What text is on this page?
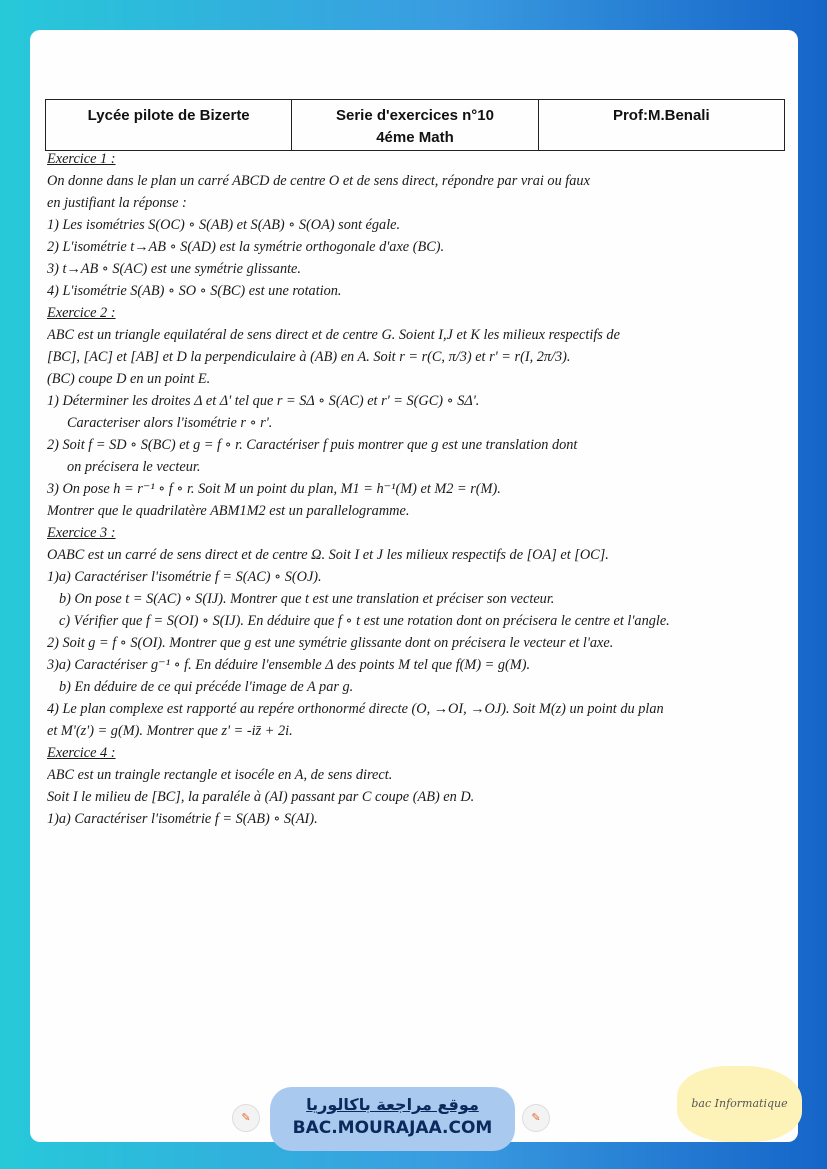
Lycée pilote de Bizerte	Serie d'exercices n°10
4éme Math
Prof:M.Benali
Exercice 1 :
On donne dans le plan un carré ABCD de centre O et de sens direct, répondre par vrai ou faux
en justifiant la réponse :
1) Les isométries S(OC) ∘ S(AB) et S(AB) ∘ S(OA) sont égale.
2) L'isométrie t→AB ∘ S(AD) est la symétrie orthogonale d'axe (BC).
3) t→AB ∘ S(AC) est une symétrie glissante.
4) L'isométrie S(AB) ∘ SO ∘ S(BC) est une rotation.
Exercice 2 :
ABC est un triangle equilatéral de sens direct et de centre G. Soient I,J et K les milieux respectifs de
[BC], [AC] et [AB] et D la perpendiculaire à (AB) en A. Soit r = r(C, π/3) et r' = r(I, 2π/3).
(BC) coupe D en un point E.
1) Déterminer les droites Δ et Δ' tel que r = SΔ ∘ S(AC) et r' = S(GC) ∘ SΔ'.
Caracteriser alors l'isométrie r ∘ r'.
2) Soit f = SD ∘ S(BC) et g = f ∘ r. Caractériser f puis montrer que g est une translation dont
on précisera le vecteur.
3) On pose h = r⁻¹ ∘ f ∘ r. Soit M un point du plan, M1 = h⁻¹(M) et M2 = r(M).
Montrer que le quadrilatère ABM1M2 est un parallelogramme.
Exercice 3 :
OABC est un carré de sens direct et de centre Ω. Soit I et J les milieux respectifs de [OA] et [OC].
1)a) Caractériser l'isométrie f = S(AC) ∘ S(OJ).
b) On pose t = S(AC) ∘ S(IJ). Montrer que t est une translation et préciser son vecteur.
c) Vérifier que f = S(OI) ∘ S(IJ). En déduire que f ∘ t est une rotation dont on précisera le centre et l'angle.
2) Soit g = f ∘ S(OI). Montrer que g est une symétrie glissante dont on précisera le vecteur et l'axe.
3)a) Caractériser g⁻¹ ∘ f. En déduire l'ensemble Δ des points M tel que f(M) = g(M).
b) En déduire de ce qui précéde l'image de A par g.
4) Le plan complexe est rapporté au repére orthonormé directe (O, →OI, →OJ). Soit M(z) un point du plan
et M'(z') = g(M). Montrer que z' = -iz̄ + 2i.
Exercice 4 :
ABC est un traingle rectangle et isocéle en A, de sens direct.
Soit I le milieu de [BC], la paraléle à (AI) passant par C coupe (AB) en D.
1)a) Caractériser l'isométrie f = S(AB) ∘ S(AI).
✎
موقع مراجعة باكالوريا
BAC.MOURAJAA.COM	✎
bac Informatique
